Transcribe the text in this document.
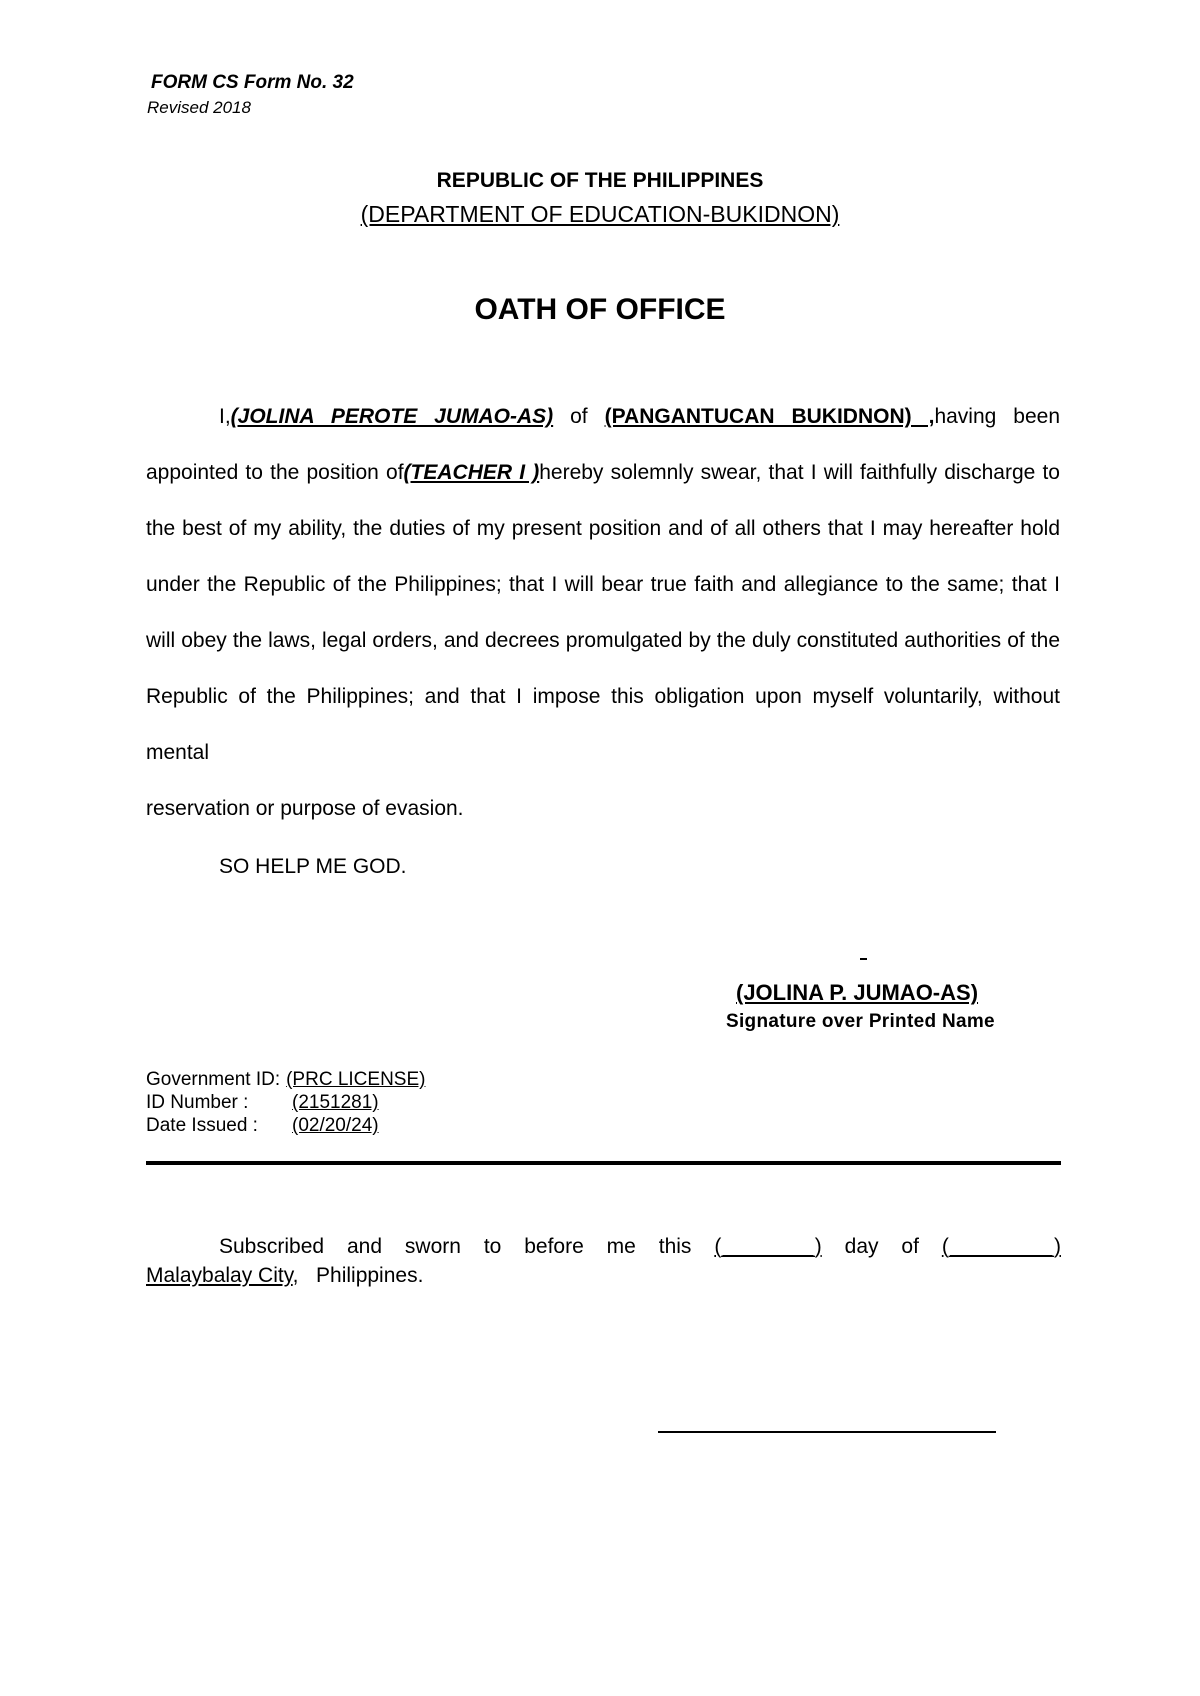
FORM CS Form No. 32
Revised 2018
REPUBLIC OF THE PHILIPPINES
(DEPARTMENT OF EDUCATION-BUKIDNON)
OATH OF OFFICE

I,(JOLINA PEROTE JUMAO-AS) of (PANGANTUCAN BUKIDNON) ,having been appointed to the position of(TEACHER I )hereby solemnly swear, that I will faithfully discharge to the best of my ability, the duties of my present position and of all others that I may hereafter hold under the Republic of the Philippines; that I will bear true faith and allegiance to the same; that I will obey the laws, legal orders, and decrees promulgated by the duly constituted authorities of the Republic of the Philippines; and that I impose this obligation upon myself voluntarily, without mental

reservation or purpose of evasion.

SO HELP ME GOD.
(JOLINA P. JUMAO-AS)
Signature over Printed Name
Government ID: (PRC LICENSE)
ID Number :	(2151281)
Date Issued :	(02/20/24)
Subscribed and sworn to before me this (________) day of (_________)
Malaybalay City,   Philippines.
